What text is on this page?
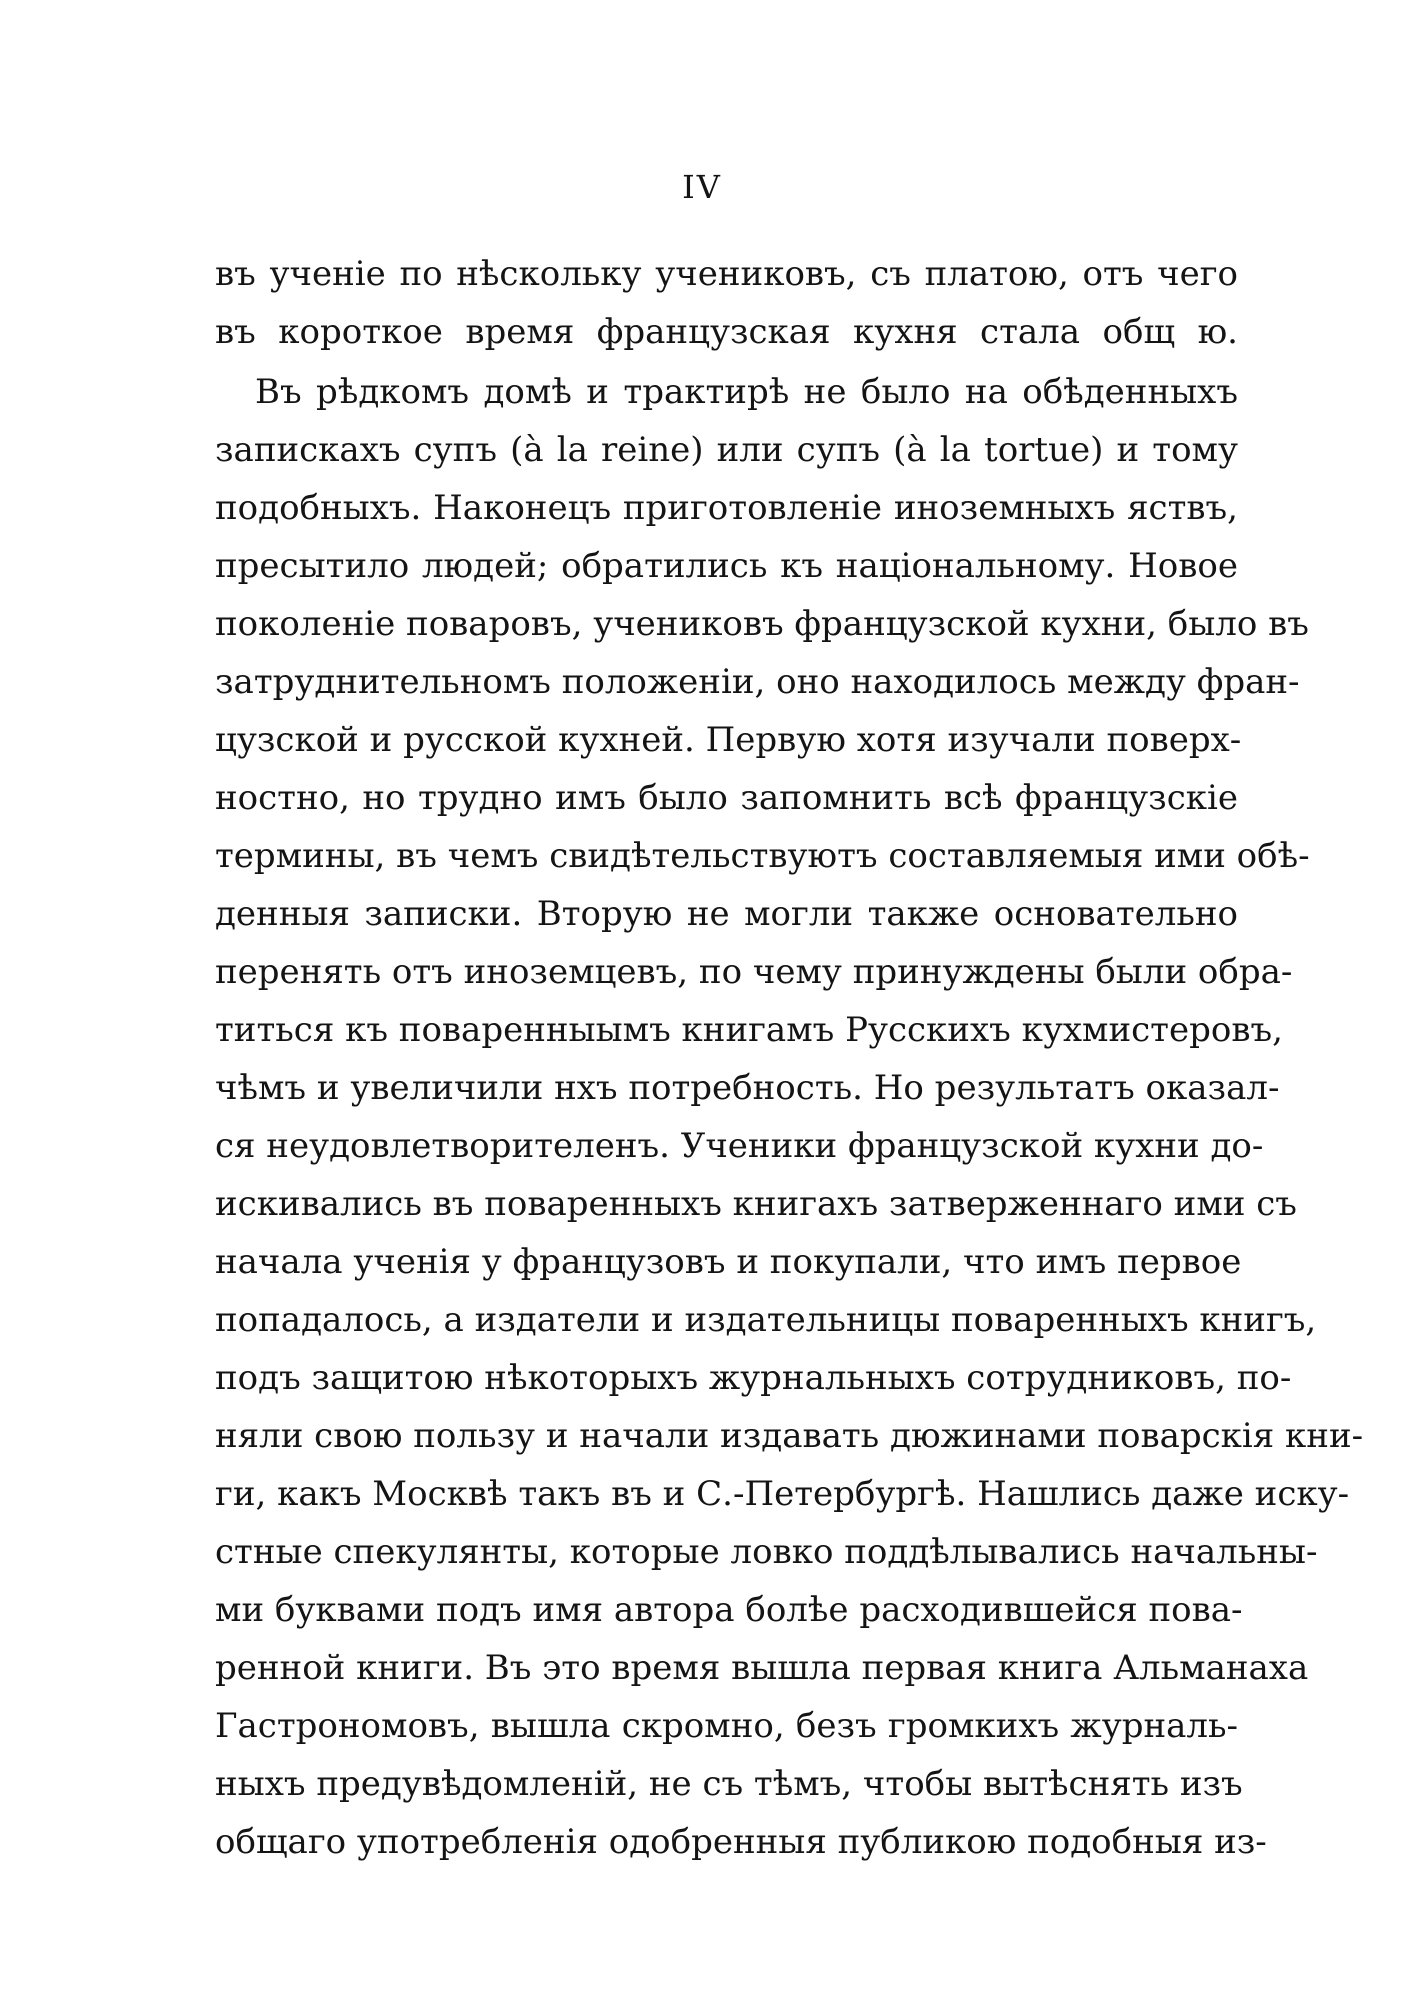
IV
въ ученіе по нѣскольку учениковъ, съ платою, отъ чего
въ короткое время французская кухня стала общ ю.
Въ рѣдкомъ домѣ и трактирѣ не было на обѣденныхъ
запискахъ супъ (à la reine) или супъ (à la tortue) и тому
подобныхъ. Наконецъ приготовленіе иноземныхъ яствъ,
пресытило людей; обратились къ національному. Новое
поколеніе поваровъ, учениковъ французской кухни, было въ
затруднительномъ положеніи, оно находилось между фран-
цузской и русской кухней. Первую хотя изучали поверх-
ностно, но трудно имъ было запомнить всѣ французскіе
термины, въ чемъ свидѣтельствуютъ составляемыя ими обѣ-
денныя записки. Вторую не могли также основательно
перенять отъ иноземцевъ, по чему принуждены были обра-
титься къ поваренныымъ книгамъ Русскихъ кухмистеровъ,
чѣмъ и увеличили нхъ потребность. Но результатъ оказал-
ся неудовлетворителенъ. Ученики французской кухни до-
искивались въ поваренныхъ книгахъ затверженнаго ими съ
начала ученія у французовъ и покупали, что имъ первое
попадалось, а издатели и издательницы поваренныхъ книгъ,
подъ защитою нѣкоторыхъ журнальныхъ сотрудниковъ, по-
няли свою пользу и начали издавать дюжинами поварскія кни-
ги, какъ Москвѣ такъ въ и С.-Петербургѣ. Нашлись даже иску-
стные спекулянты, которые ловко поддѣлывались начальны-
ми буквами подъ имя автора болѣе расходившейся пова-
ренной книги. Въ это время вышла первая книга Альманаха
Гастрономовъ, вышла скромно, безъ громкихъ журналь-
ныхъ предувѣдомленій, не съ тѣмъ, чтобы вытѣснять изъ
общаго употребленія одобренныя публикою подобныя из-
